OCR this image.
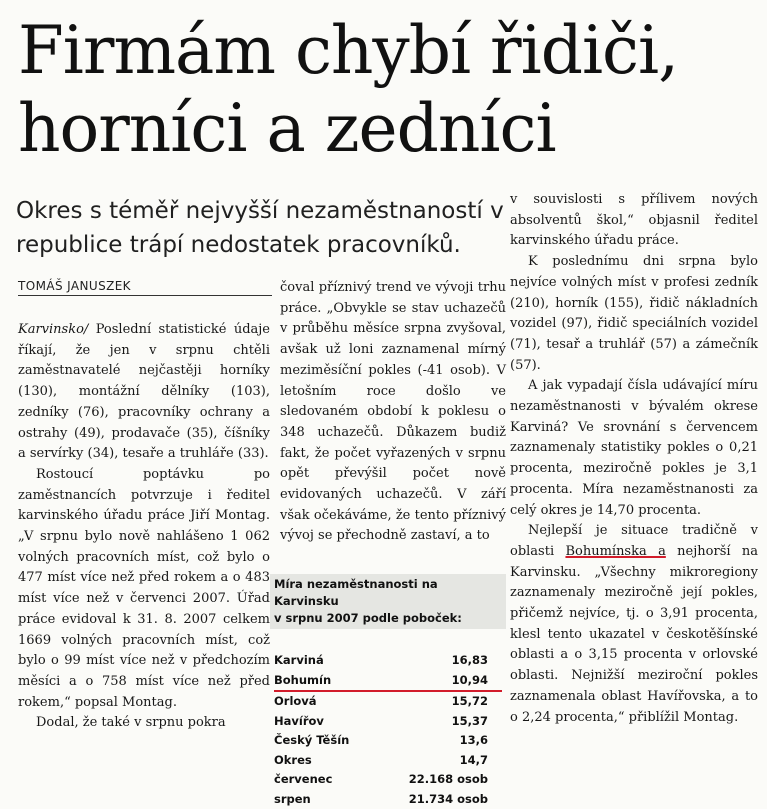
Firmám chybí řidiči,
horníci a zedníci

Okres s téměř nejvyšší nezaměstnaností v republice trápí nedostatek pracovníků.

TOMÁŠ JANUSZEK

Karvinsko/ Poslední statistické údaje říkají, že jen v srpnu chtěli zaměstnavatelé nejčastěji horníky (130), montážní dělníky (103), zedníky (76), pracovníky ochrany a ostrahy (49), prodavače (35), číšníky a servírky (34), tesaře a truhláře (33).

Rostoucí poptávku po zaměstnancích potvrzuje i ředitel karvinského úřadu práce Jiří Montag. „V srpnu bylo nově nahlášeno 1 062 volných pracovních míst, což bylo o 477 míst více než před rokem a o 483 míst více než v červenci 2007. Úřad práce evidoval k 31. 8. 2007 celkem 1669 volných pracovních míst, což bylo o 99 míst více než v předchozím měsíci a o 758 míst více než před rokem,“ popsal Montag.

Dodal, že také v srpnu pokra

čoval příznivý trend ve vývoji trhu práce. „Obvykle se stav uchazečů v průběhu měsíce srpna zvyšoval, avšak už loni zaznamenal mírný meziměsíční pokles (-41 osob). V letošním roce došlo ve sledovaném období k poklesu o 348 uchazečů. Důkazem budiž fakt, že počet vyřazených v srpnu opět převýšil počet nově evidovaných uchazečů. V září však očekáváme, že tento příznivý vývoj se přechodně zastaví, a to

v souvislosti s přílivem nových absolventů škol,“ objasnil ředitel karvinského úřadu práce.

K poslednímu dni srpna bylo nejvíce volných míst v profesi zedník (210), horník (155), řidič nákladních vozidel (97), řidič speciálních vozidel (71), tesař a truhlář (57) a zámečník (57).

A jak vypadají čísla udávající míru nezaměstnanosti v bývalém okrese Karviná? Ve srovnání s červencem zaznamenaly statistiky pokles o 0,21 procenta, meziročně pokles je 3,1 procenta. Míra nezaměstnanosti za celý okres je 14,70 procenta.

Nejlepší je situace tradičně v oblasti Bohumínska a nejhorší na Karvinsku. „Všechny mikroregiony zaznamenaly meziročně její pokles, přičemž nejvíce, tj. o 3,91 procenta, klesl tento ukazatel v českotěšínské oblasti a o 3,15 procenta v orlovské oblasti. Nejnižší meziroční pokles zaznamenala oblast Havířovska, a to o 2,24 procenta,“ přiblížil Montag.

Míra nezaměstnanosti na Karvinsku
v srpnu 2007 podle poboček:
Karviná	16,83
Bohumín	10,94
Orlová	15,72
Havířov	15,37
Český Těšín	13,6
Okres	14,7
červenec	22.168 osob
srpen	21.734 osob
